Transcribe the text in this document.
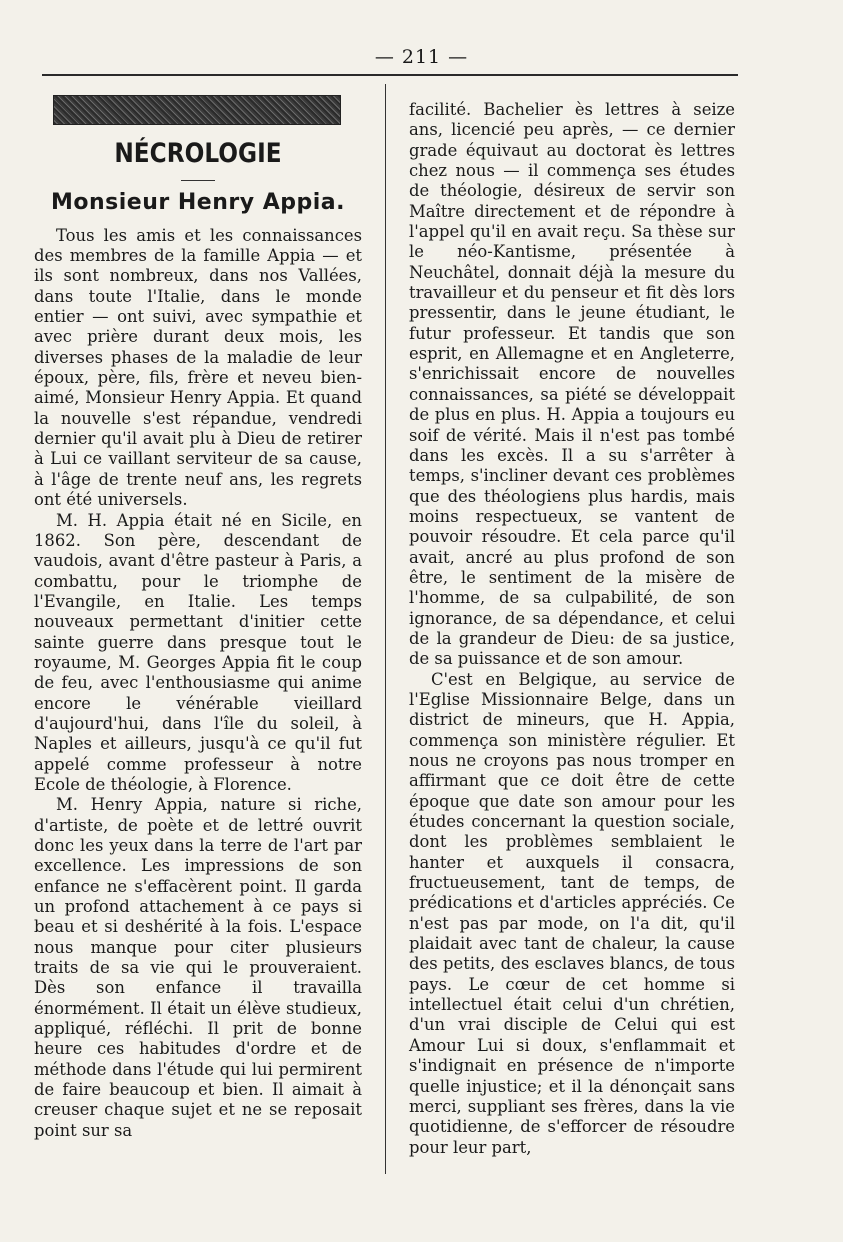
— 211 —
NÉCROLOGIE
Monsieur Henry Appia.

Tous les amis et les connaissances des membres de la famille Appia — et ils sont nombreux, dans nos Vallées, dans toute l'Italie, dans le monde entier — ont suivi, avec sympathie et avec prière durant deux mois, les diverses phases de la maladie de leur époux, père, fils, frère et neveu bien-aimé, Monsieur Henry Appia. Et quand la nouvelle s'est répandue, vendredi dernier qu'il avait plu à Dieu de retirer à Lui ce vaillant serviteur de sa cause, à l'âge de trente neuf ans, les regrets ont été universels.

M. H. Appia était né en Sicile, en 1862. Son père, descendant de vaudois, avant d'être pasteur à Paris, a combattu, pour le triomphe de l'Evangile, en Italie. Les temps nouveaux permettant d'initier cette sainte guerre dans presque tout le royaume, M. Georges Appia fit le coup de feu, avec l'enthousiasme qui anime encore le vénérable vieillard d'aujourd'hui, dans l'île du soleil, à Naples et ailleurs, jusqu'à ce qu'il fut appelé comme professeur à notre Ecole de théologie, à Florence.

M. Henry Appia, nature si riche, d'artiste, de poète et de lettré ouvrit donc les yeux dans la terre de l'art par excellence. Les impressions de son enfance ne s'effacèrent point. Il garda un profond attachement à ce pays si beau et si deshérité à la fois. L'espace nous manque pour citer plusieurs traits de sa vie qui le prouveraient. Dès son enfance il travailla énormément. Il était un élève studieux, appliqué, réfléchi. Il prit de bonne heure ces habitudes d'ordre et de méthode dans l'étude qui lui permirent de faire beaucoup et bien. Il aimait à creuser chaque sujet et ne se reposait point sur sa

facilité. Bachelier ès lettres à seize ans, licencié peu après, — ce dernier grade équivaut au doctorat ès lettres chez nous — il commença ses études de théologie, désireux de servir son Maître directement et de répondre à l'appel qu'il en avait reçu. Sa thèse sur le néo-Kantisme, présentée à Neuchâtel, donnait déjà la mesure du travailleur et du penseur et fit dès lors pressentir, dans le jeune étudiant, le futur professeur. Et tandis que son esprit, en Allemagne et en Angleterre, s'enrichissait encore de nouvelles connaissances, sa piété se développait de plus en plus. H. Appia a toujours eu soif de vérité. Mais il n'est pas tombé dans les excès. Il a su s'arrêter à temps, s'incliner devant ces problèmes que des théologiens plus hardis, mais moins respectueux, se vantent de pouvoir résoudre. Et cela parce qu'il avait, ancré au plus profond de son être, le sentiment de la misère de l'homme, de sa culpabilité, de son ignorance, de sa dépendance, et celui de la grandeur de Dieu: de sa justice, de sa puissance et de son amour.

C'est en Belgique, au service de l'Eglise Missionnaire Belge, dans un district de mineurs, que H. Appia, commença son ministère régulier. Et nous ne croyons pas nous tromper en affirmant que ce doit être de cette époque que date son amour pour les études concernant la question sociale, dont les problèmes semblaient le hanter et auxquels il consacra, fructueusement, tant de temps, de prédications et d'articles appréciés. Ce n'est pas par mode, on l'a dit, qu'il plaidait avec tant de chaleur, la cause des petits, des esclaves blancs, de tous pays. Le cœur de cet homme si intellectuel était celui d'un chrétien, d'un vrai disciple de Celui qui est Amour Lui si doux, s'enflammait et s'indignait en présence de n'importe quelle injustice; et il la dénonçait sans merci, suppliant ses frères, dans la vie quotidienne, de s'efforcer de résoudre pour leur part,
